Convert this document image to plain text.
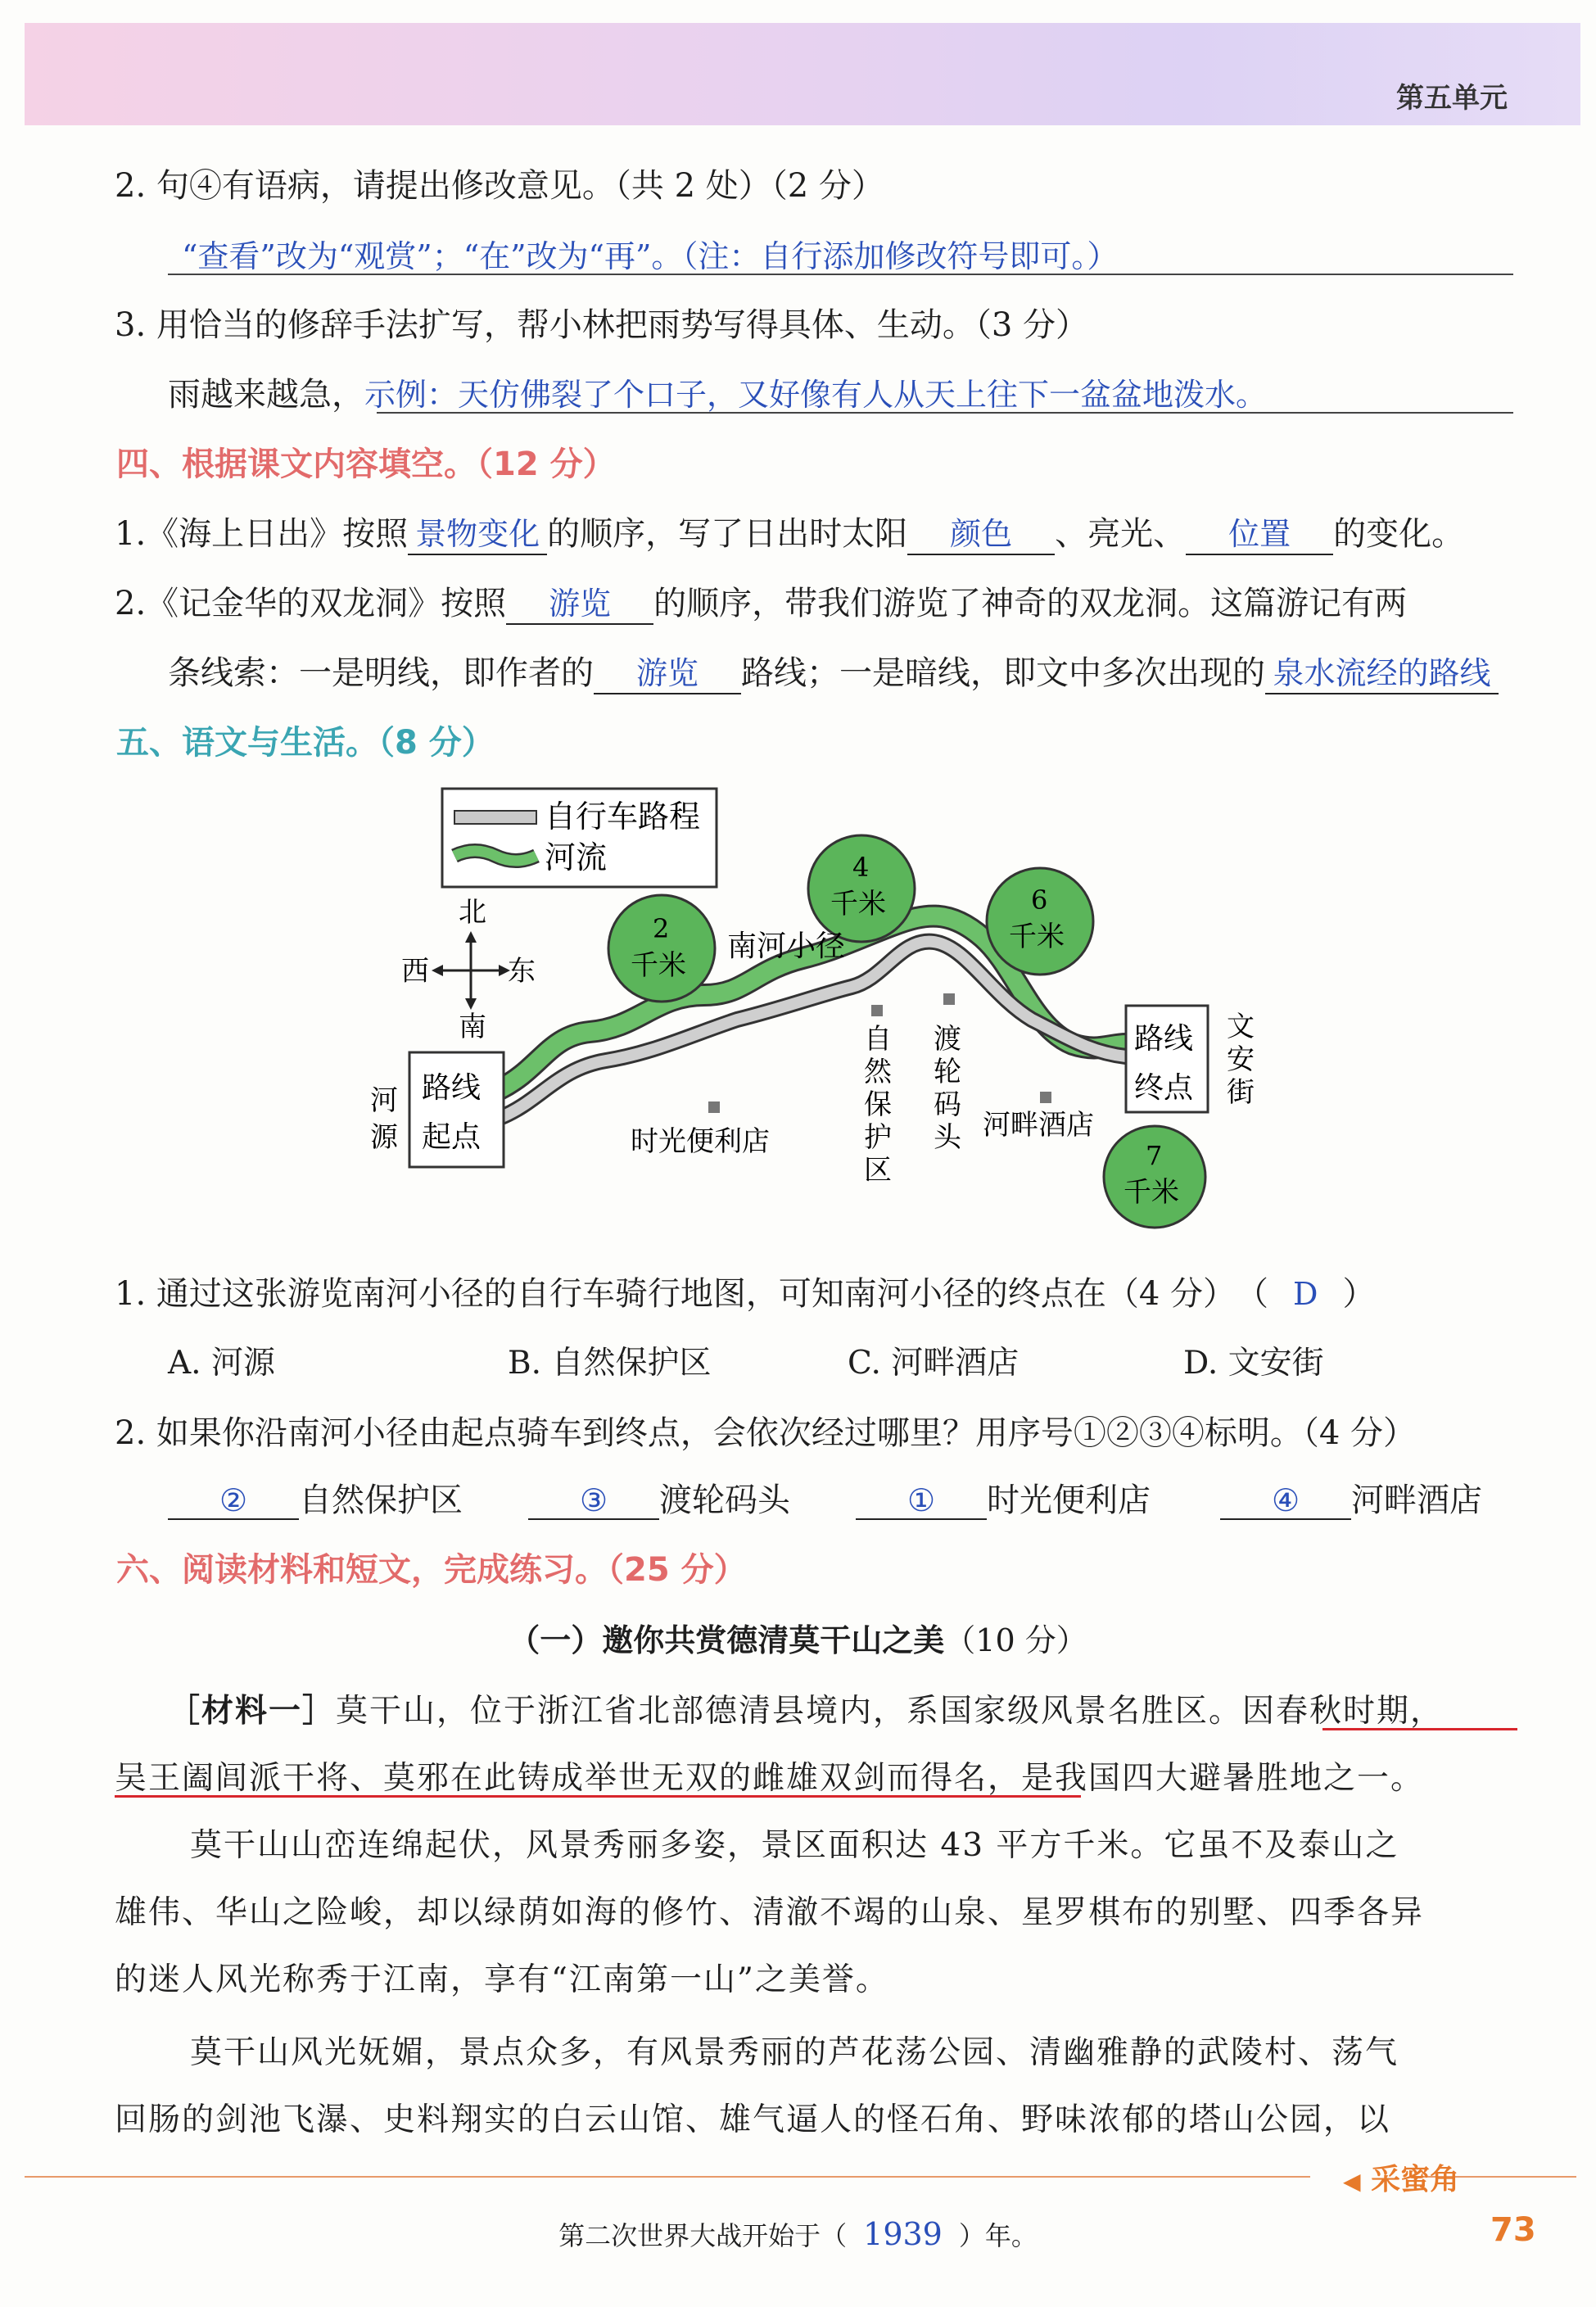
第五单元
2. 句④有语病，请提出修改意见。（共 2 处）（2 分）
“查看”改为“观赏”；“在”改为“再”。（注：自行添加修改符号即可。）
3. 用恰当的修辞手法扩写，帮小林把雨势写得具体、生动。（3 分）
雨越来越急，示例：天仿佛裂了个口子，又好像有人从天上往下一盆盆地泼水。
四、根据课文内容填空。（12 分）
1.《海上日出》按照 景物变化 的顺序，写了日出时太阳 颜色 、亮光、 位置 的变化。
2.《记金华的双龙洞》按照 游览 的顺序，带我们游览了神奇的双龙洞。这篇游记有两
条线索：一是明线，即作者的 游览 路线；一是暗线，即文中多次出现的 泉水流经的路线
五、语文与生活。（8 分）
自行车路程
河流
北
南
西	东
路线
起点
河
源
路线
终点
文
安
街
2
千米
4
千米	6
千米
7
千米
南河小径
时光便利店
自
然
保
护
区
渡
轮
码
头 河畔酒店
1. 通过这张游览南河小径的自行车骑行地图，可知南河小径的终点在（4 分） （ D ）
A. 河源	B. 自然保护区	C. 河畔酒店	D. 文安街
2. 如果你沿南河小径由起点骑车到终点，会依次经过哪里？用序号①②③④标明。（4 分）
② 自然保护区	③ 渡轮码头	① 时光便利店	④ 河畔酒店
六、阅读材料和短文，完成练习。（25 分）
（一）邀你共赏德清莫干山之美（10 分）
［材料一］莫干山，位于浙江省北部德清县境内，系国家级风景名胜区。因春秋时期，
吴王阖闾派干将、莫邪在此铸成举世无双的雌雄双剑而得名，是我国四大避暑胜地之一。
莫干山山峦连绵起伏，风景秀丽多姿，景区面积达 43 平方千米。它虽不及泰山之
雄伟、华山之险峻，却以绿荫如海的修竹、清澈不竭的山泉、星罗棋布的别墅、四季各异
的迷人风光称秀于江南，享有“江南第一山”之美誉。
莫干山风光妩媚，景点众多，有风景秀丽的芦花荡公园、清幽雅静的武陵村、荡气
回肠的剑池飞瀑、史料翔实的白云山馆、雄气逼人的怪石角、野味浓郁的塔山公园，以
◀ 采蜜角
第二次世界大战开始于（ 1939 ）年。	73
